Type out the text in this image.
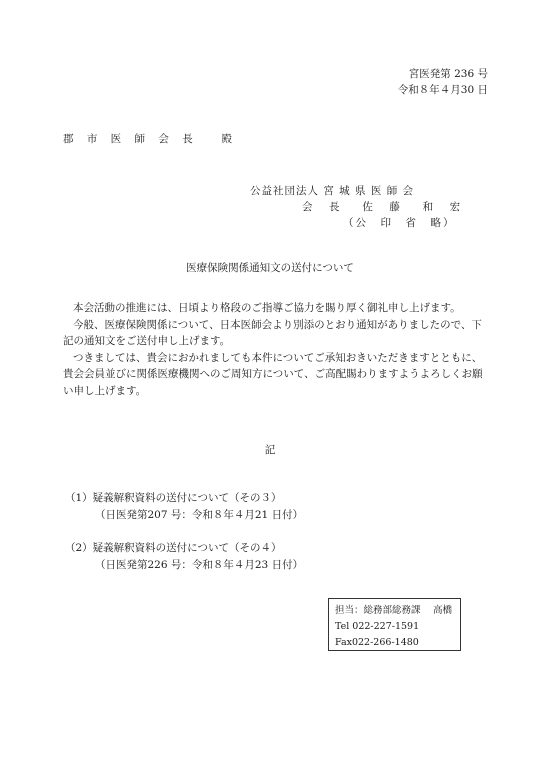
宮医発第 236 号
令和８年４月30 日
郡 市 医 師 会 長　 殿
公益社団法人 宮 城 県 医 師 会
会　長　 佐　藤　 和　宏
（公　印　省　略）
医療保険関係通知文の送付について

本会活動の推進には、日頃より格段のご指導ご協力を賜り厚く御礼申し上げます。

今般、医療保険関係について、日本医師会より別添のとおり通知がありましたので、下記の通知文をご送付申し上げます。

つきましては、貴会におかれましても本件についてご承知おきいただきますとともに、貴会会員並びに関係医療機関へのご周知方について、ご高配賜わりますようよろしくお願い申し上げます。

記
（1）疑義解釈資料の送付について（その３）
（日医発第207 号：令和８年４月21 日付）
（2）疑義解釈資料の送付について（その４）
（日医発第226 号：令和８年４月23 日付）
担当：総務部総務課　 高橋
Tel 022-227-1591
Fax022-266-1480
